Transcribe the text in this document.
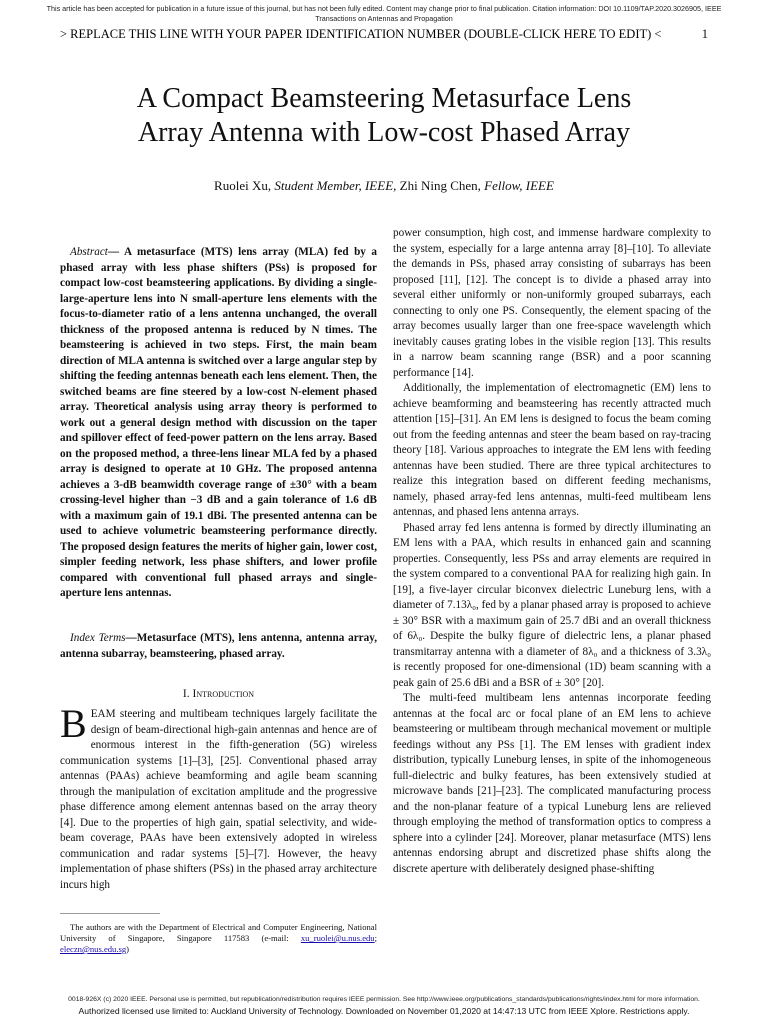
This article has been accepted for publication in a future issue of this journal, but has not been fully edited. Content may change prior to final publication. Citation information: DOI 10.1109/TAP.2020.3026905, IEEE
Transactions on Antennas and Propagation
> REPLACE THIS LINE WITH YOUR PAPER IDENTIFICATION NUMBER (DOUBLE-CLICK HERE TO EDIT) <	1
A Compact Beamsteering Metasurface Lens
Array Antenna with Low-cost Phased Array
Ruolei Xu, Student Member, IEEE, Zhi Ning Chen, Fellow, IEEE
Abstract— A metasurface (MTS) lens array (MLA) fed by a phased array with less phase shifters (PSs) is proposed for compact low-cost beamsteering applications. By dividing a single-large-aperture lens into N small-aperture lens elements with the focus-to-diameter ratio of a lens antenna unchanged, the overall thickness of the proposed antenna is reduced by N times. The beamsteering is achieved in two steps. First, the main beam direction of MLA antenna is switched over a large angular step by shifting the feeding antennas beneath each lens element. Then, the switched beams are fine steered by a low-cost N-element phased array. Theoretical analysis using array theory is performed to work out a general design method with discussion on the taper and spillover effect of feed-power pattern on the lens array. Based on the proposed method, a three-lens linear MLA fed by a phased array is designed to operate at 10 GHz. The proposed antenna achieves a 3-dB beamwidth coverage range of ±30° with a beam crossing-level higher than −3 dB and a gain tolerance of 1.6 dB with a maximum gain of 19.1 dBi. The presented antenna can be used to achieve volumetric beamsteering performance directly. The proposed design features the merits of higher gain, lower cost, simpler feeding network, less phase shifters, and lower profile compared with conventional full phased arrays and single-aperture lens antennas.
Index Terms—Metasurface (MTS), lens antenna, antenna array, antenna subarray, beamsteering, phased array.
I. Introduction
BEAM steering and multibeam techniques largely facilitate the design of beam-directional high-gain antennas and hence are of enormous interest in the fifth-generation (5G) wireless communication systems [1]–[3], [25]. Conventional phased array antennas (PAAs) achieve beamforming and agile beam scanning through the manipulation of excitation amplitude and the progressive phase difference among element antennas based on the array theory [4]. Due to the properties of high gain, spatial selectivity, and wide-beam coverage, PAAs have been extensively adopted in wireless communication and radar systems [5]–[7]. However, the heavy implementation of phase shifters (PSs) in the phased array architecture incurs high
The authors are with the Department of Electrical and Computer Engineering, National University of Singapore, Singapore 117583 (e-mail: xu_ruolei@u.nus.edu; eleczn@nus.edu.sg)

power consumption, high cost, and immense hardware complexity to the system, especially for a large antenna array [8]–[10]. To alleviate the demands in PSs, phased array consisting of subarrays has been proposed [11], [12]. The concept is to divide a phased array into several either uniformly or non-uniformly grouped subarrays, each connecting to only one PS. Consequently, the element spacing of the array becomes usually larger than one free-space wavelength which inevitably causes grating lobes in the visible region [13]. This results in a narrow beam scanning range (BSR) and a poor scanning performance [14].

Additionally, the implementation of electromagnetic (EM) lens to achieve beamforming and beamsteering has recently attracted much attention [15]–[31]. An EM lens is designed to focus the beam coming out from the feeding antennas and steer the beam based on ray-tracing theory [18]. Various approaches to integrate the EM lens with feeding antennas have been studied. There are three typical architectures to realize this integration based on different feeding mechanisms, namely, phased array-fed lens antennas, multi-feed multibeam lens antennas, and phased lens antenna arrays.

Phased array fed lens antenna is formed by directly illuminating an EM lens with a PAA, which results in enhanced gain and scanning properties. Consequently, less PSs and array elements are required in the system compared to a conventional PAA for realizing high gain. In [19], a five-layer circular biconvex dielectric Luneburg lens, with a diameter of 7.13λ₀, fed by a planar phased array is proposed to achieve ± 30° BSR with a maximum gain of 25.7 dBi and an overall thickness of 6λ₀. Despite the bulky figure of dielectric lens, a planar phased transmitarray antenna with a diameter of 8λ₀ and a thickness of 3.3λ₀ is recently proposed for one-dimensional (1D) beam scanning with a peak gain of 25.6 dBi and a BSR of ± 30° [20].

The multi-feed multibeam lens antennas incorporate feeding antennas at the focal arc or focal plane of an EM lens to achieve beamsteering or multibeam through mechanical movement or multiple feedings without any PSs [1]. The EM lenses with gradient index distribution, typically Luneburg lenses, in spite of the inhomogeneous full-dielectric and bulky features, has been extensively studied at microwave bands [21]–[23]. The complicated manufacturing process and the non-planar feature of a typical Luneburg lens are relieved through employing the method of transformation optics to compress a sphere into a cylinder [24]. Moreover, planar metasurface (MTS) lens antennas endorsing abrupt and discretized phase shifts along the discrete aperture with deliberately designed phase-shifting

0018-926X (c) 2020 IEEE. Personal use is permitted, but republication/redistribution requires IEEE permission. See http://www.ieee.org/publications_standards/publications/rights/index.html for more information.
Authorized licensed use limited to: Auckland University of Technology. Downloaded on November 01,2020 at 14:47:13 UTC from IEEE Xplore. Restrictions apply.
